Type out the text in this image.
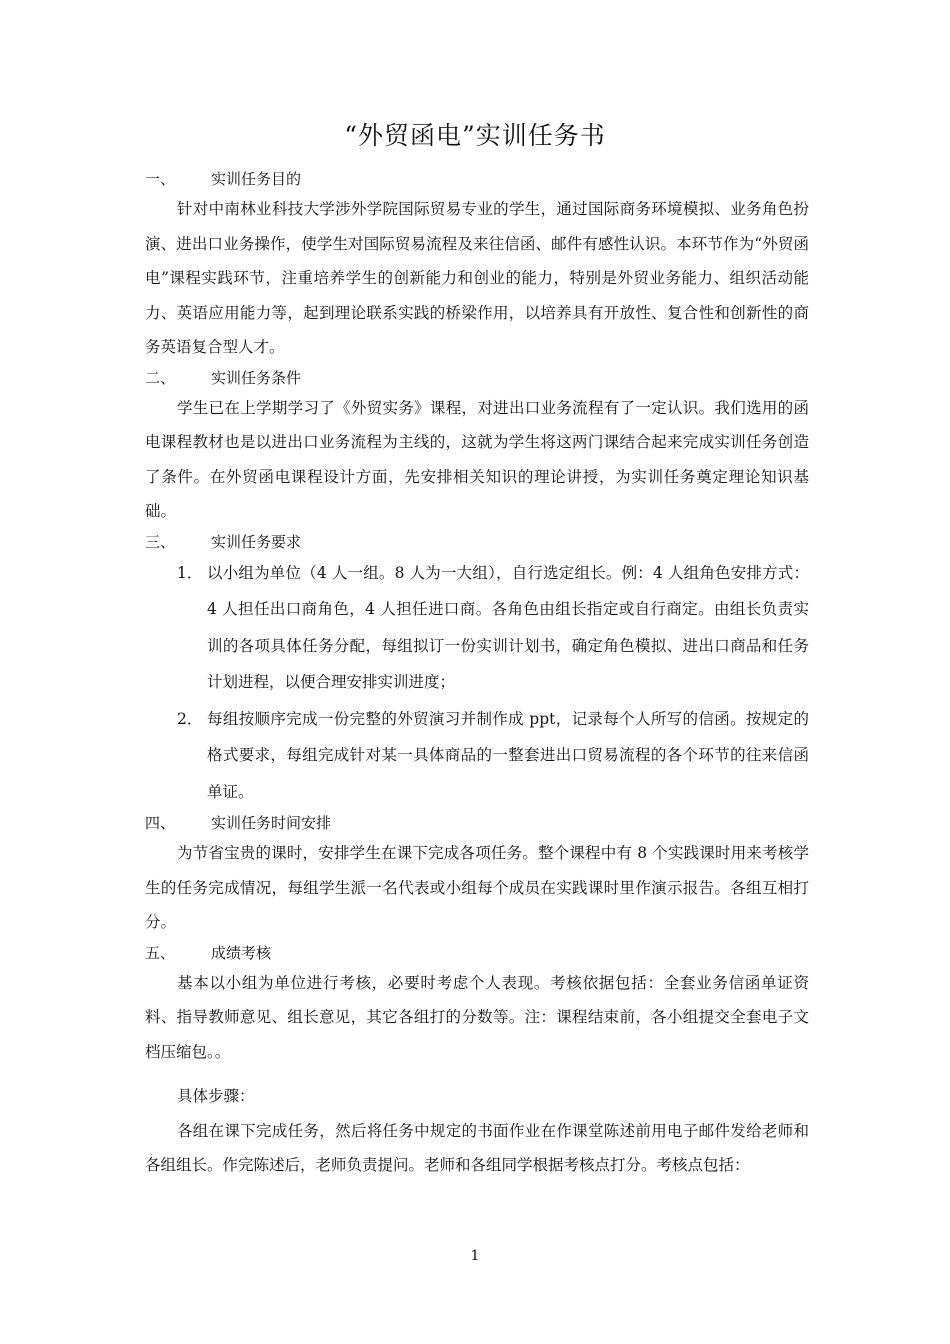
“外贸函电”实训任务书
一、 实训任务目的

针对中南林业科技大学涉外学院国际贸易专业的学生，通过国际商务环境模拟、业务角色扮演、进出口业务操作，使学生对国际贸易流程及来往信函、邮件有感性认识。本环节作为“外贸函电”课程实践环节，注重培养学生的创新能力和创业的能力，特别是外贸业务能力、组织活动能力、英语应用能力等，起到理论联系实践的桥梁作用，以培养具有开放性、复合性和创新性的商务英语复合型人才。

二、 实训任务条件

学生已在上学期学习了《外贸实务》课程，对进出口业务流程有了一定认识。我们选用的函电课程教材也是以进出口业务流程为主线的，这就为学生将这两门课结合起来完成实训任务创造了条件。在外贸函电课程设计方面，先安排相关知识的理论讲授，为实训任务奠定理论知识基础。

三、 实训任务要求
1． 以小组为单位（4 人一组。8 人为一大组），自行选定组长。例：4 人组角色安排方式：4 人担任出口商角色，4 人担任进口商。各角色由组长指定或自行商定。由组长负责实训的各项具体任务分配，每组拟订一份实训计划书，确定角色模拟、进出口商品和任务计划进程，以便合理安排实训进度；
2． 每组按顺序完成一份完整的外贸演习并制作成 ppt，记录每个人所写的信函。按规定的格式要求，每组完成针对某一具体商品的一整套进出口贸易流程的各个环节的往来信函单证。
四、 实训任务时间安排

为节省宝贵的课时，安排学生在课下完成各项任务。整个课程中有 8 个实践课时用来考核学生的任务完成情况，每组学生派一名代表或小组每个成员在实践课时里作演示报告。各组互相打分。

五、 成绩考核

基本以小组为单位进行考核，必要时考虑个人表现。考核依据包括：全套业务信函单证资料、指导教师意见、组长意见，其它各组打的分数等。注：课程结束前，各小组提交全套电子文档压缩包。。

具体步骤：

各组在课下完成任务，然后将任务中规定的书面作业在作课堂陈述前用电子邮件发给老师和各组组长。作完陈述后，老师负责提问。老师和各组同学根据考核点打分。考核点包括：

1
